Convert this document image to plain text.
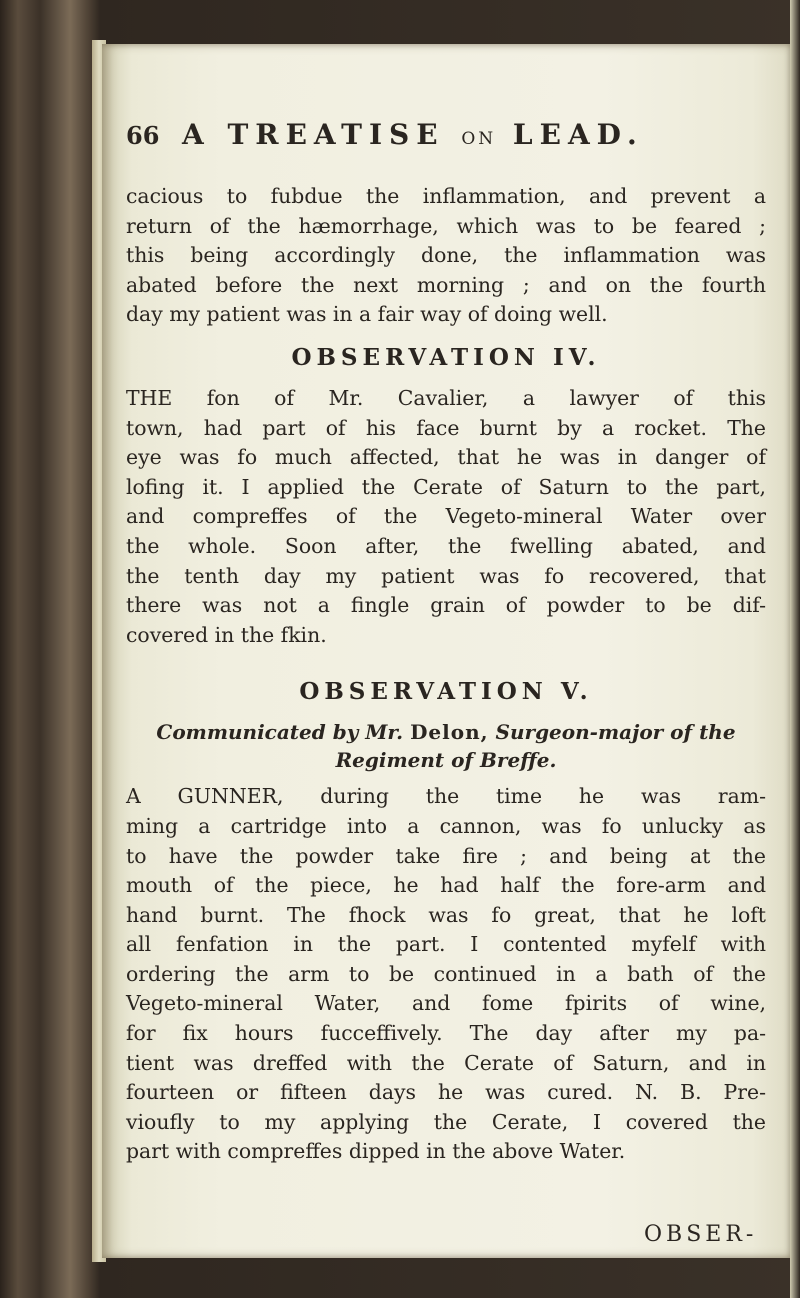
66 A TREATISE ON LEAD.
cacious to fubdue the inflammation, and prevent a
return of the hæmorrhage, which was to be feared ;
this being accordingly done, the inflammation was
abated before the next morning ; and on the fourth
day my patient was in a fair way of doing well.
OBSERVATION IV.
THE fon of Mr. Cavalier, a lawyer of this
town, had part of his face burnt by a rocket. The
eye was fo much affected, that he was in danger of
lofing it. I applied the Cerate of Saturn to the part,
and compreffes of the Vegeto-mineral Water over
the whole. Soon after, the fwelling abated, and
the tenth day my patient was fo recovered, that
there was not a fingle grain of powder to be dif-
covered in the fkin.
OBSERVATION V.
Communicated by Mr. Delon, Surgeon-major of the
Regiment of Breffe.
A GUNNER, during the time he was ram-
ming a cartridge into a cannon, was fo unlucky as
to have the powder take fire ; and being at the
mouth of the piece, he had half the fore-arm and
hand burnt. The fhock was fo great, that he loft
all fenfation in the part. I contented myfelf with
ordering the arm to be continued in a bath of the
Vegeto-mineral Water, and fome fpirits of wine,
for fix hours fucceffively. The day after my pa-
tient was dreffed with the Cerate of Saturn, and in
fourteen or fifteen days he was cured. N. B. Pre-
vioufly to my applying the Cerate, I covered the
part with compreffes dipped in the above Water.
OBSER-
